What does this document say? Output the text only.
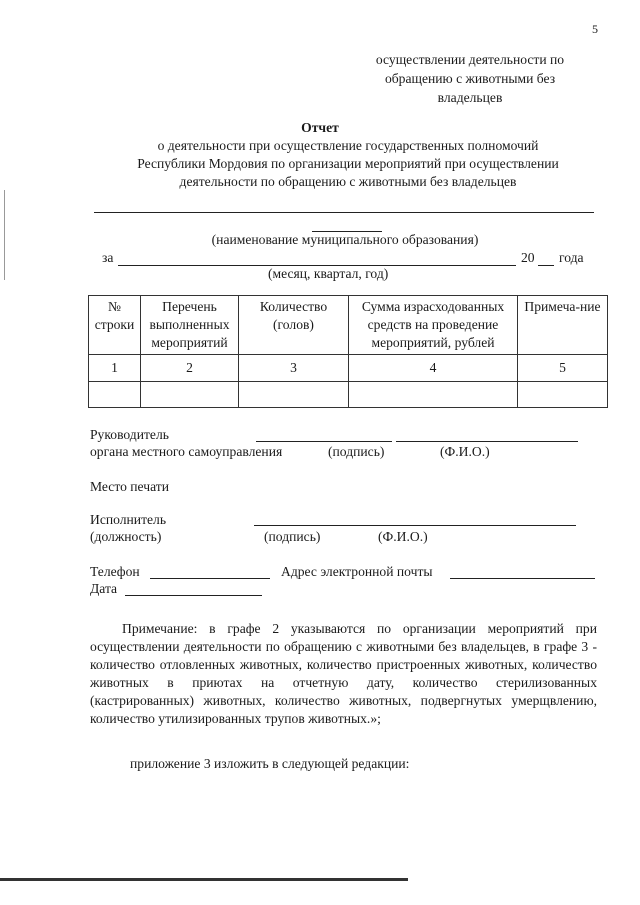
5
осуществлении деятельности по
обращению с животными без
владельцев
Отчет
о деятельности при осуществление государственных полномочий
Республики Мордовия по организации мероприятий при осуществлении
деятельности по обращению с животными без владельцев
(наименование муниципального образования)
за	20 года
(месяц, квартал, год)
№ строки	Перечень выполненных мероприятий	Количество (голов)	Сумма израсходованных средств на проведение мероприятий, рублей	Примеча-ние
1	2	3	4	5

Руководитель
органа местного самоуправления	(подпись)	(Ф.И.О.)
Место печати
Исполнитель
(должность)	(подпись)	(Ф.И.О.)
Телефон	Адрес электронной почты
Дата
Примечание: в графе 2 указываются по организации мероприятий при осуществлении деятельности по обращению с животными без владельцев, в графе 3 - количество отловленных животных, количество пристроенных животных, количество животных в приютах на отчетную дату, количество стерилизованных (кастрированных) животных, количество животных, подвергнутых умерщвлению, количество утилизированных трупов животных.»;
приложение 3 изложить в следующей редакции:
